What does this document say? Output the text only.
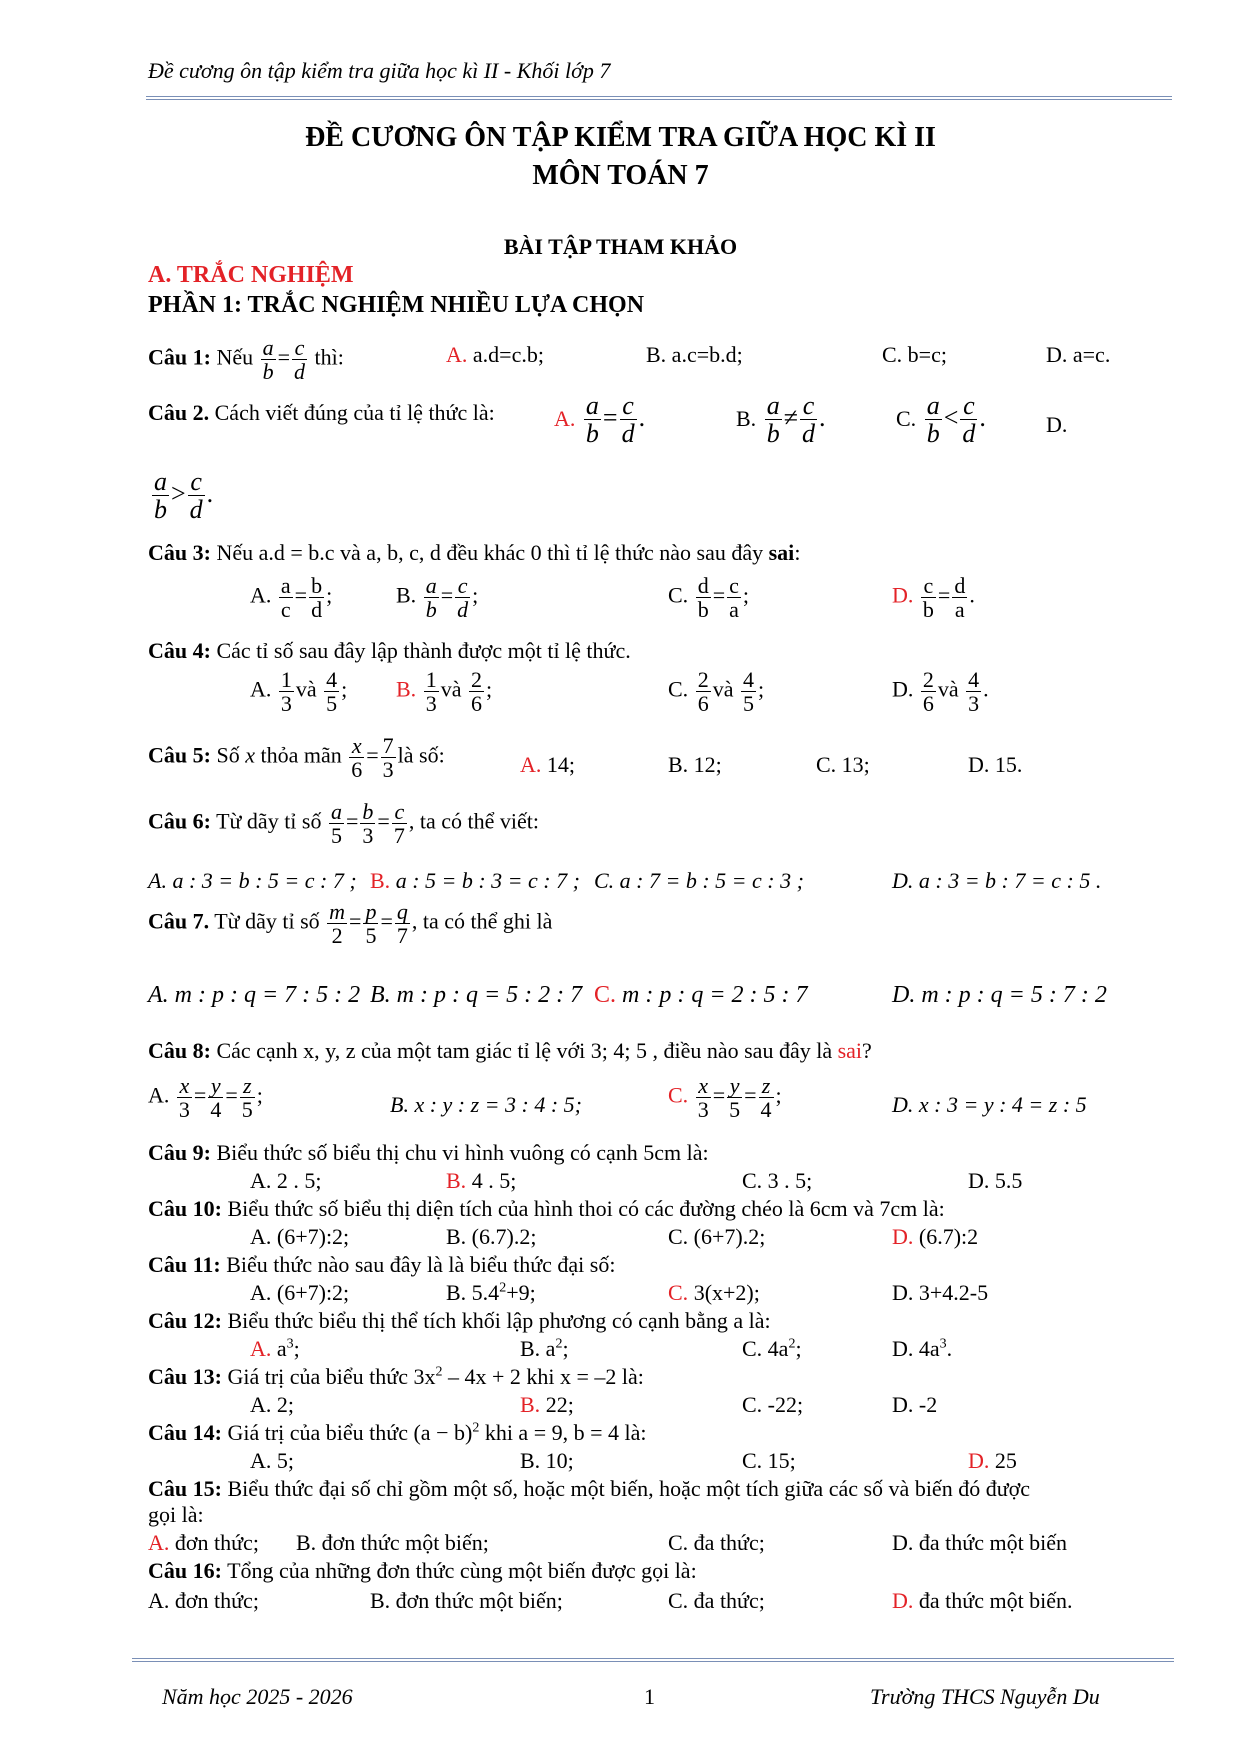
Đề cương ôn tập kiểm tra giữa học kì II - Khối lớp 7
ĐỀ CƯƠNG ÔN TẬP KIỂM TRA GIỮA HỌC KÌ II
MÔN TOÁN 7
BÀI TẬP THAM KHẢO
A. TRẮC NGHIỆM
PHẦN 1: TRẮC NGHIỆM NHIỀU LỰA CHỌN
Câu 1: Nếu $\frac{a}{b} = \frac{c}{d}$ thì:	A. a.d=c.b;	B. a.c=b.d;	C. b=c;	D. a=c.
Câu 2. Cách viết đúng của tỉ lệ thức là:	A. $\frac{a}{b} = \frac{c}{d}$ .	B. $\frac{a}{b} \ne \frac{c}{d}$ .	C. $\frac{a}{b} < \frac{c}{d}$ .	D.
$\frac{a}{b} > \frac{c}{d}$ .
Câu 3: Nếu a.d = b.c và a, b, c, d đều khác 0 thì tỉ lệ thức nào sau đây sai:
A. $\frac{a}{c} = \frac{b}{d}$ ;	B. $\frac{a}{b} = \frac{c}{d}$ ;	C. $\frac{d}{b} = \frac{c}{a}$ ;	D. $\frac{c}{b} = \frac{d}{a}$ .
Câu 4: Các tỉ số sau đây lập thành được một tỉ lệ thức.
A. $\frac{1}{3}$ và $\frac{4}{5}$ ; B. $\frac{1}{3}$ và $\frac{2}{6}$ ;	C. $\frac{2}{6}$ và $\frac{4}{5}$ ;	D. $\frac{2}{6}$ và $\frac{4}{3}$ .
Câu 5: Số x thỏa mãn $\frac{x}{6} = \frac{7}{3}$ là số:	A. 14;	B. 12;	C. 13;	D. 15.
Câu 6: Từ dãy tỉ số $\frac{a}{5} = \frac{b}{3} = \frac{c}{7}$ , ta có thể viết:
A. a : 3 = b : 5 = c : 7 ; B. a : 5 = b : 3 = c : 7 ; C. a : 7 = b : 5 = c : 3 ;	D. a : 3 = b : 7 = c : 5 .
Câu 7. Từ dãy tỉ số $\frac{m}{2} = \frac{p}{5} = \frac{q}{7}$ , ta có thể ghi là
A. m : p : q = 7 : 5 : 2 B. m : p : q = 5 : 2 : 7 C. m : p : q = 2 : 5 : 7	D. m : p : q = 5 : 7 : 2
Câu 8: Các cạnh x, y, z của một tam giác tỉ lệ với 3; 4; 5 , điều nào sau đây là sai?
A. $\frac{x}{3} = \frac{y}{4} = \frac{z}{5}$ ;	B. x : y : z = 3 : 4 : 5;	C. $\frac{x}{3} = \frac{y}{5} = \frac{z}{4}$ ;	D. x : 3 = y : 4 = z : 5
Câu 9: Biểu thức số biểu thị chu vi hình vuông có cạnh 5cm là:
A. 2 . 5;	B. 4 . 5;	C. 3 . 5;	D. 5.5
Câu 10: Biểu thức số biểu thị diện tích của hình thoi có các đường chéo là 6cm và 7cm là:
A. (6+7):2;	B. (6.7).2;	C. (6+7).2;	D. (6.7):2
Câu 11: Biểu thức nào sau đây là là biểu thức đại số:
A. (6+7):2;	B. $5.4^2+9$;	C. 3(x+2);	D. 3+4.2-5
Câu 12: Biểu thức biểu thị thể tích khối lập phương có cạnh bằng a là:
A. $a^3$;	B. $a^2$;	C. $4a^2$;	D. $4a^3$.
Câu 13: Giá trị của biểu thức $3x^2 - 4x + 2$ khi x = –2 là:
A. 2;	B. 22;	C. -22;	D. -2
Câu 14: Giá trị của biểu thức $(a - b)^2$ khi a = 9, b = 4 là:
A. 5;	B. 10;	C. 15;	D. 25
Câu 15: Biểu thức đại số chỉ gồm một số, hoặc một biến, hoặc một tích giữa các số và biến đó được
gọi là:
A. đơn thức; B. đơn thức một biến;	C. đa thức;	D. đa thức một biến
Câu 16: Tổng của những đơn thức cùng một biến được gọi là:
A. đơn thức;	B. đơn thức một biến;	C. đa thức;	D. đa thức một biến.
Năm học 2025 - 2026	1	Trường THCS Nguyễn Du
